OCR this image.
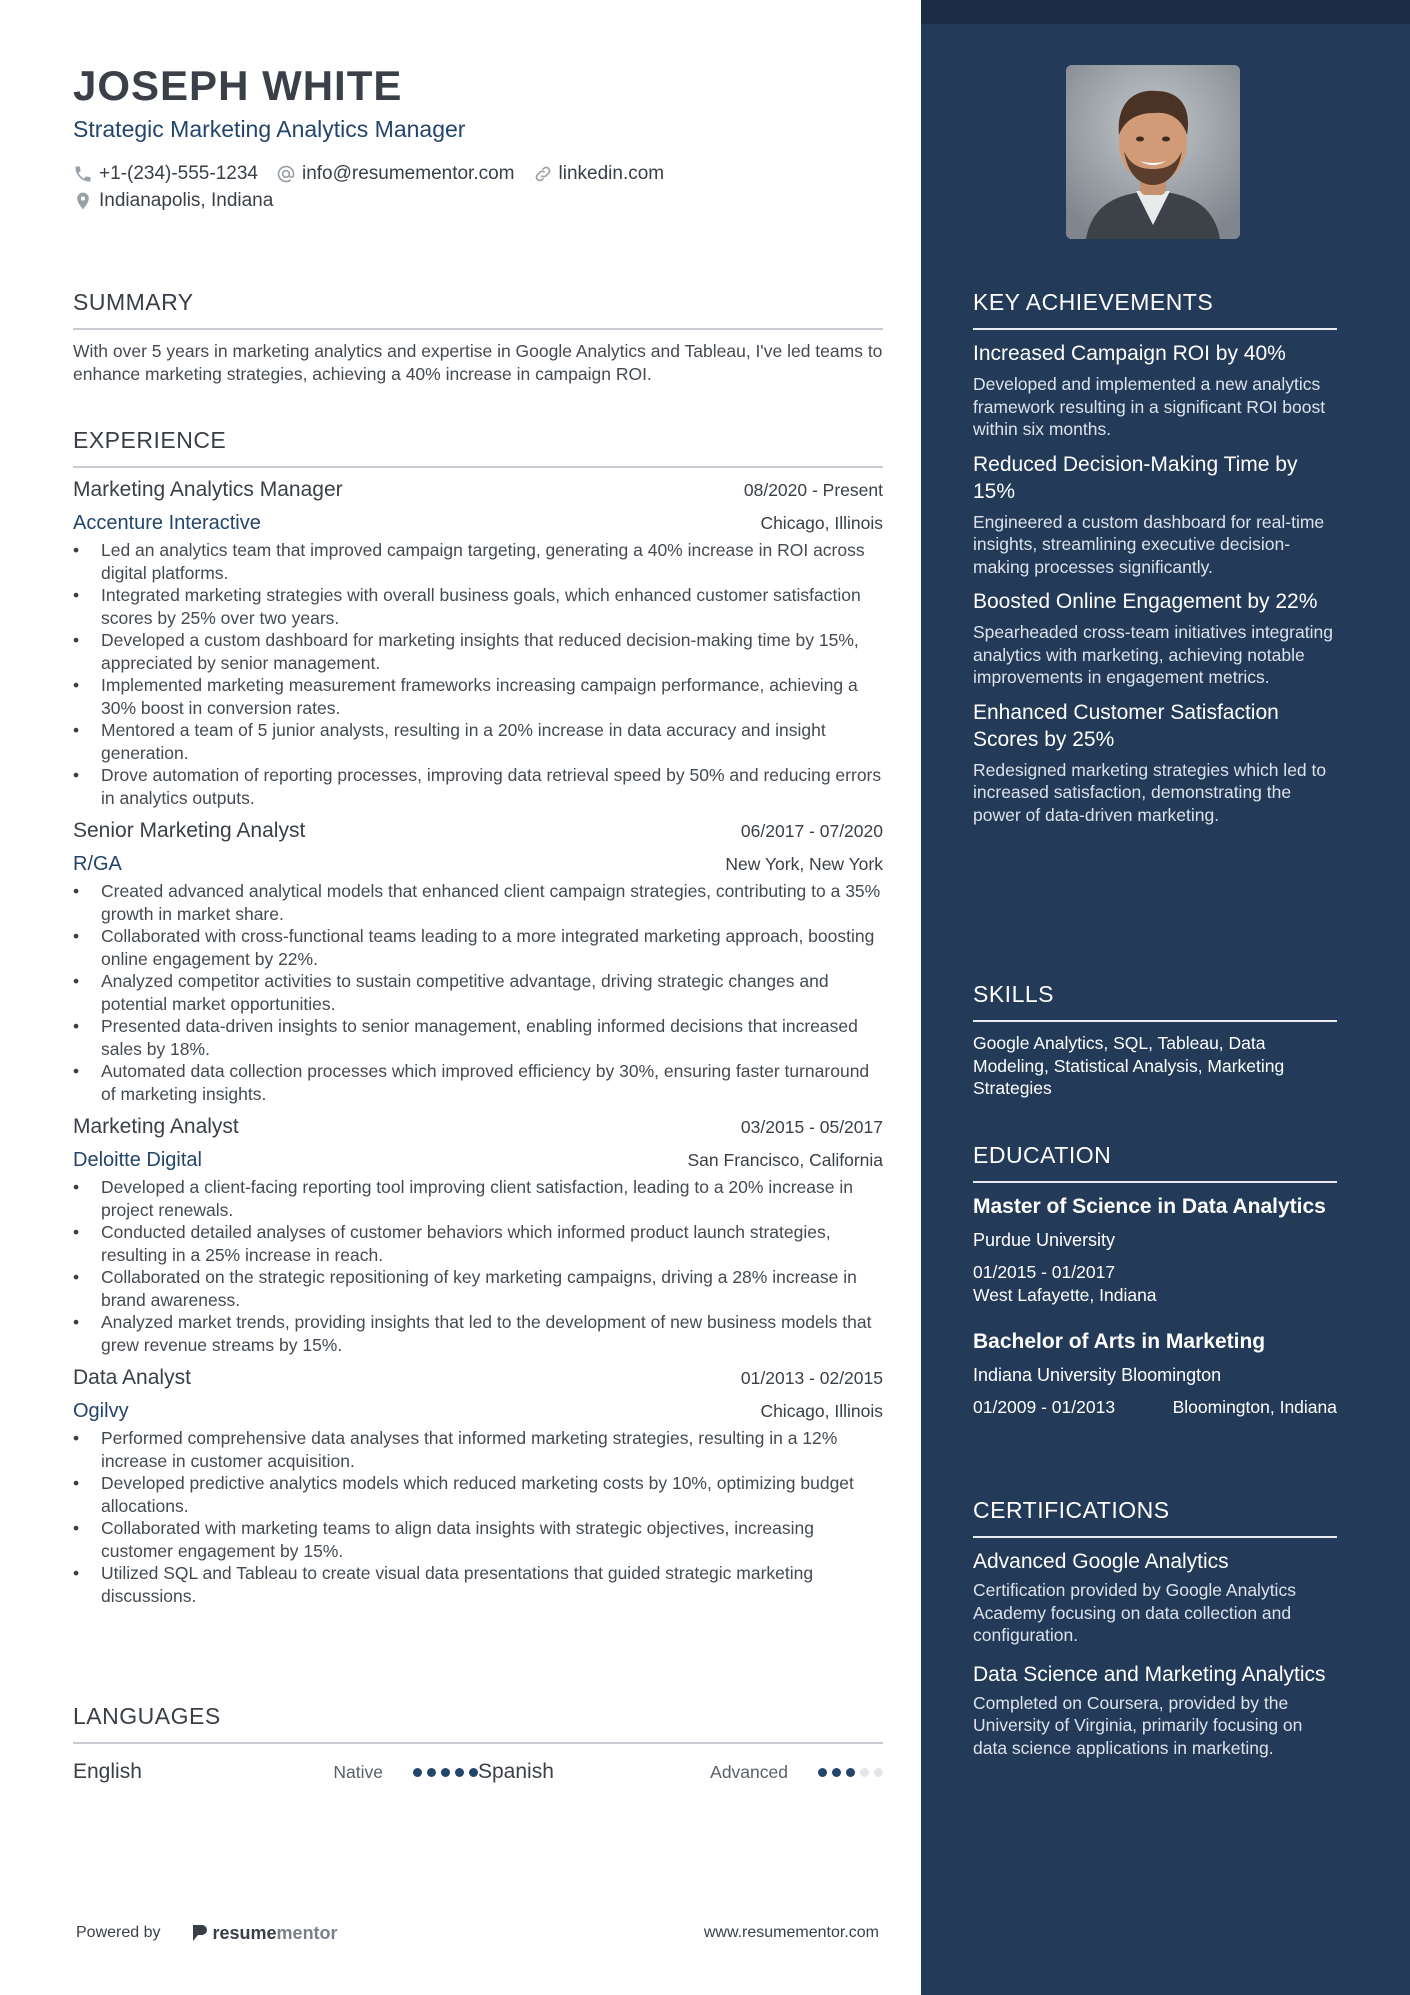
JOSEPH WHITE
Strategic Marketing Analytics Manager
+1-(234)-555-1234 info@resumementor.com linkedin.com
Indianapolis, Indiana
SUMMARY
With over 5 years in marketing analytics and expertise in Google Analytics and Tableau, I've led teams to enhance marketing strategies, achieving a 40% increase in campaign ROI.
EXPERIENCE
Marketing Analytics Manager	08/2020 - Present
Accenture Interactive	Chicago, Illinois
• Led an analytics team that improved campaign targeting, generating a 40% increase in ROI across digital platforms.
• Integrated marketing strategies with overall business goals, which enhanced customer satisfaction scores by 25% over two years.
• Developed a custom dashboard for marketing insights that reduced decision-making time by 15%, appreciated by senior management.
• Implemented marketing measurement frameworks increasing campaign performance, achieving a 30% boost in conversion rates.
• Mentored a team of 5 junior analysts, resulting in a 20% increase in data accuracy and insight generation.
• Drove automation of reporting processes, improving data retrieval speed by 50% and reducing errors in analytics outputs.
Senior Marketing Analyst	06/2017 - 07/2020
R/GA	New York, New York
• Created advanced analytical models that enhanced client campaign strategies, contributing to a 35% growth in market share.
• Collaborated with cross-functional teams leading to a more integrated marketing approach, boosting online engagement by 22%.
• Analyzed competitor activities to sustain competitive advantage, driving strategic changes and potential market opportunities.
• Presented data-driven insights to senior management, enabling informed decisions that increased sales by 18%.
• Automated data collection processes which improved efficiency by 30%, ensuring faster turnaround of marketing insights.
Marketing Analyst	03/2015 - 05/2017
Deloitte Digital	San Francisco, California
• Developed a client-facing reporting tool improving client satisfaction, leading to a 20% increase in project renewals.
• Conducted detailed analyses of customer behaviors which informed product launch strategies, resulting in a 25% increase in reach.
• Collaborated on the strategic repositioning of key marketing campaigns, driving a 28% increase in brand awareness.
• Analyzed market trends, providing insights that led to the development of new business models that grew revenue streams by 15%.
Data Analyst	01/2013 - 02/2015
Ogilvy	Chicago, Illinois
• Performed comprehensive data analyses that informed marketing strategies, resulting in a 12% increase in customer acquisition.
• Developed predictive analytics models which reduced marketing costs by 10%, optimizing budget allocations.
• Collaborated with marketing teams to align data insights with strategic objectives, increasing customer engagement by 15%.
• Utilized SQL and Tableau to create visual data presentations that guided strategic marketing discussions.
LANGUAGES
English	Native	Spanish	Advanced
Powered by	resume mentor	www.resumementor.com
KEY ACHIEVEMENTS
Increased Campaign ROI by 40%
Developed and implemented a new analytics framework resulting in a significant ROI boost within six months.
Reduced Decision-Making Time by 15%
Engineered a custom dashboard for real-time insights, streamlining executive decision-making processes significantly.
Boosted Online Engagement by 22%
Spearheaded cross-team initiatives integrating analytics with marketing, achieving notable improvements in engagement metrics.
Enhanced Customer Satisfaction Scores by 25%
Redesigned marketing strategies which led to increased satisfaction, demonstrating the power of data-driven marketing.
SKILLS
Google Analytics, SQL, Tableau, Data Modeling, Statistical Analysis, Marketing Strategies
EDUCATION
Master of Science in Data Analytics
Purdue University
01/2015 - 01/2017
West Lafayette, Indiana
Bachelor of Arts in Marketing
Indiana University Bloomington
01/2009 - 01/2013	Bloomington, Indiana
CERTIFICATIONS
Advanced Google Analytics
Certification provided by Google Analytics Academy focusing on data collection and configuration.
Data Science and Marketing Analytics
Completed on Coursera, provided by the University of Virginia, primarily focusing on data science applications in marketing.
